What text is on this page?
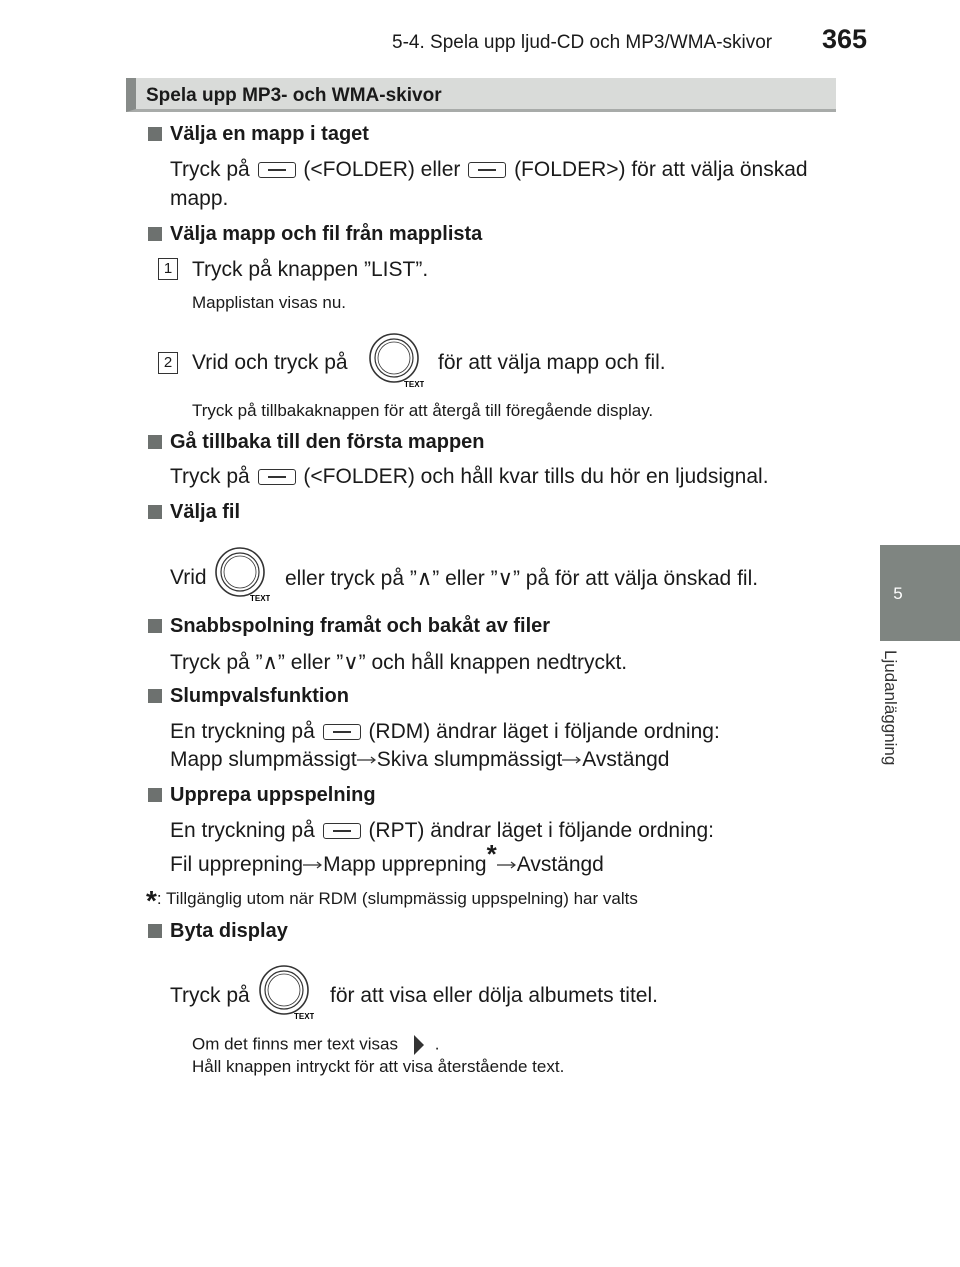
5-4. Spela upp ljud-CD och MP3/WMA-skivor 365
5
Ljudanläggning
Spela upp MP3- och WMA-skivor
Välja en mapp i taget
Tryck på	(<FOLDER) eller	(FOLDER>) för att välja önskad
mapp.
Välja mapp och fil från mapplista
1 Tryck på knappen ”LIST”.
Mapplistan visas nu.
2 Vrid och tryck på
TEXT
för att välja mapp och fil.
Tryck på tillbakaknappen för att återgå till föregående display.
Gå tillbaka till den första mappen
Tryck på	(<FOLDER) och håll kvar tills du hör en ljudsignal.
Välja fil
Vrid
TEXT
eller tryck på ”∧” eller ”∨” på för att välja önskad fil.
Snabbspolning framåt och bakåt av filer
Tryck på ”∧” eller ”∨” och håll knappen nedtryckt.
Slumpvalsfunktion
En tryckning på	(RDM) ändrar läget i följande ordning:
Mapp slumpmässigt Skiva slumpmässigt Avstängd
Upprepa uppspelning
En tryckning på	(RPT) ändrar läget i följande ordning:
Fil upprepning Mapp upprepning* Avstängd
*: Tillgänglig utom när RDM (slumpmässig uppspelning) har valts
Byta display
Tryck på
TEXT
för att visa eller dölja albumets titel.
Om det finns mer text visas .
Håll knappen intryckt för att visa återstående text.
